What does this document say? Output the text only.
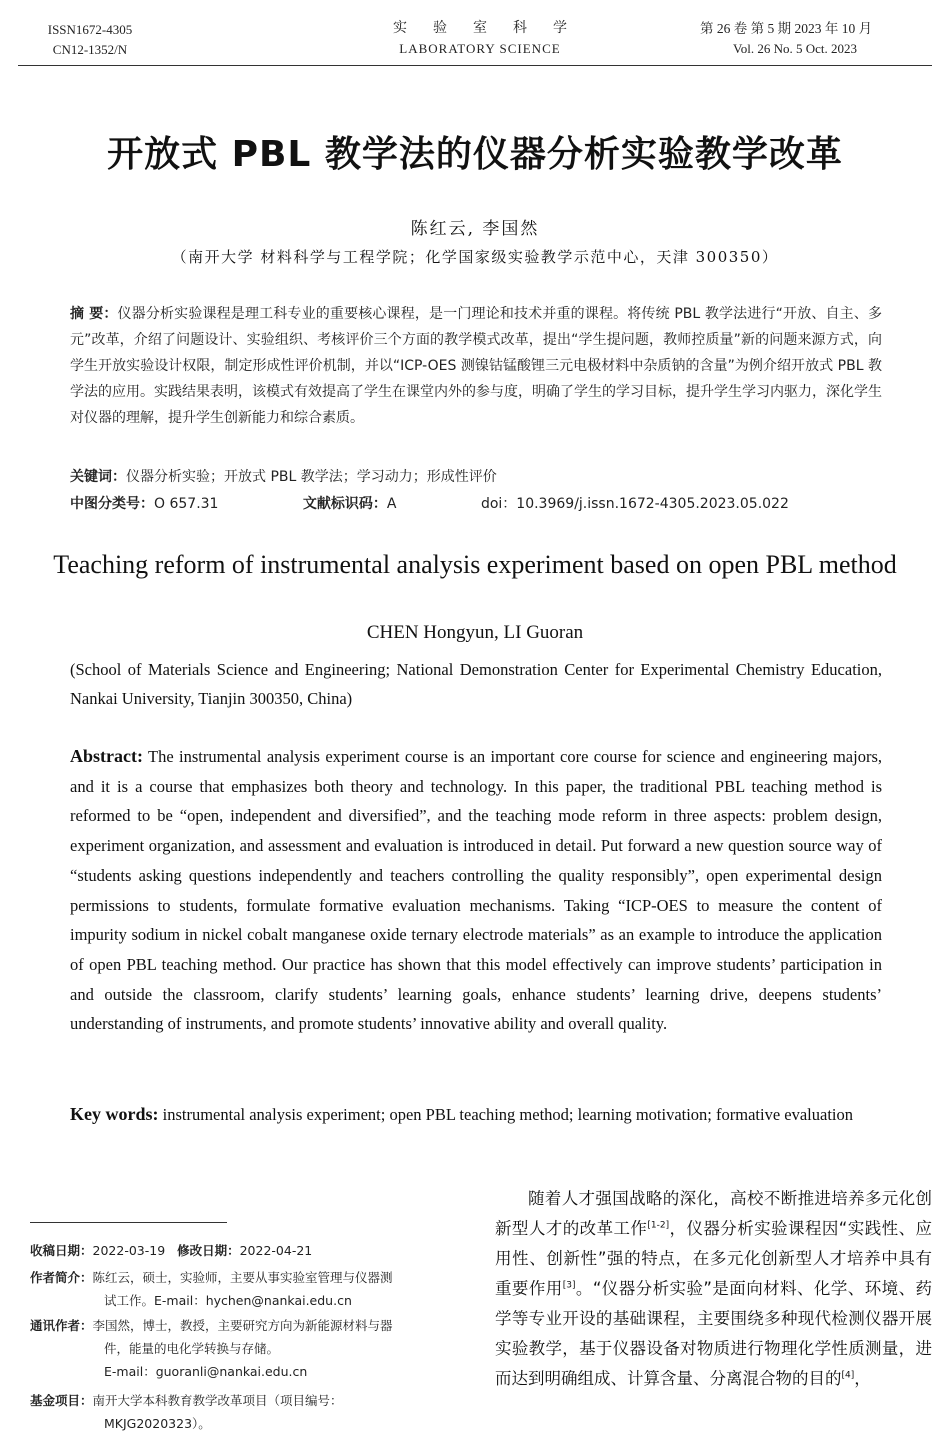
ISSN1672-4305
CN12-1352/N
实验室科学
LABORATORY SCIENCE
第 26 卷 第 5 期 2023 年 10 月
Vol. 26 No. 5 Oct. 2023
开放式 PBL 教学法的仪器分析实验教学改革
陈红云, 李国然
（南开大学 材料科学与工程学院；化学国家级实验教学示范中心，天津 300350）
摘 要：仪器分析实验课程是理工科专业的重要核心课程，是一门理论和技术并重的课程。将传统 PBL 教学法进行“开放、自主、多元”改革，介绍了问题设计、实验组织、考核评价三个方面的教学模式改革，提出“学生提问题，教师控质量”新的问题来源方式，向学生开放实验设计权限，制定形成性评价机制，并以“ICP-OES 测镍钴锰酸锂三元电极材料中杂质钠的含量”为例介绍开放式 PBL 教学法的应用。实践结果表明，该模式有效提高了学生在课堂内外的参与度，明确了学生的学习目标，提升学生学习内驱力，深化学生对仪器的理解，提升学生创新能力和综合素质。
关键词：仪器分析实验；开放式 PBL 教学法；学习动力；形成性评价
中图分类号：O 657.31	文献标识码：A	doi：10.3969/j.issn.1672-4305.2023.05.022
Teaching reform of instrumental analysis experiment based on open PBL method
CHEN Hongyun, LI Guoran
(School of Materials Science and Engineering; National Demonstration Center for Experimental Chemistry Education, Nankai University, Tianjin 300350, China)
Abstract: The instrumental analysis experiment course is an important core course for science and engineering majors, and it is a course that emphasizes both theory and technology. In this paper, the traditional PBL teaching method is reformed to be “open, independent and diversified”, and the teaching mode reform in three aspects: problem design, experiment organization, and assessment and evaluation is introduced in detail. Put forward a new question source way of “students asking questions independently and teachers controlling the quality responsibly”, open experimental design permissions to students, formulate formative evaluation mechanisms. Taking “ICP-OES to measure the content of impurity sodium in nickel cobalt manganese oxide ternary electrode materials” as an example to introduce the application of open PBL teaching method. Our practice has shown that this model effectively can improve students’ participation in and outside the classroom, clarify students’ learning goals, enhance students’ learning drive, deepens students’ understanding of instruments, and promote students’ innovative ability and overall quality.
Key words: instrumental analysis experiment; open PBL teaching method; learning motivation; formative evaluation
收稿日期：2022-03-19 修改日期：2022-04-21
作者简介：陈红云，硕士，实验师，主要从事实验室管理与仪器测
试工作。E-mail：hychen@nankai.edu.cn
通讯作者：李国然，博士，教授，主要研究方向为新能源材料与器
件，能量的电化学转换与存储。
E-mail：guoranli@nankai.edu.cn
基金项目：南开大学本科教育教学改革项目（项目编号：
MKJG2020323）。
随着人才强国战略的深化，高校不断推进培养多元化创新型人才的改革工作[1-2]，仪器分析实验课程因“实践性、应用性、创新性”强的特点，在多元化创新型人才培养中具有重要作用[3]。“仪器分析实验”是面向材料、化学、环境、药学等专业开设的基础课程，主要围绕多种现代检测仪器开展实验教学，基于仪器设备对物质进行物理化学性质测量，进而达到明确组成、计算含量、分离混合物的目的[4]，
